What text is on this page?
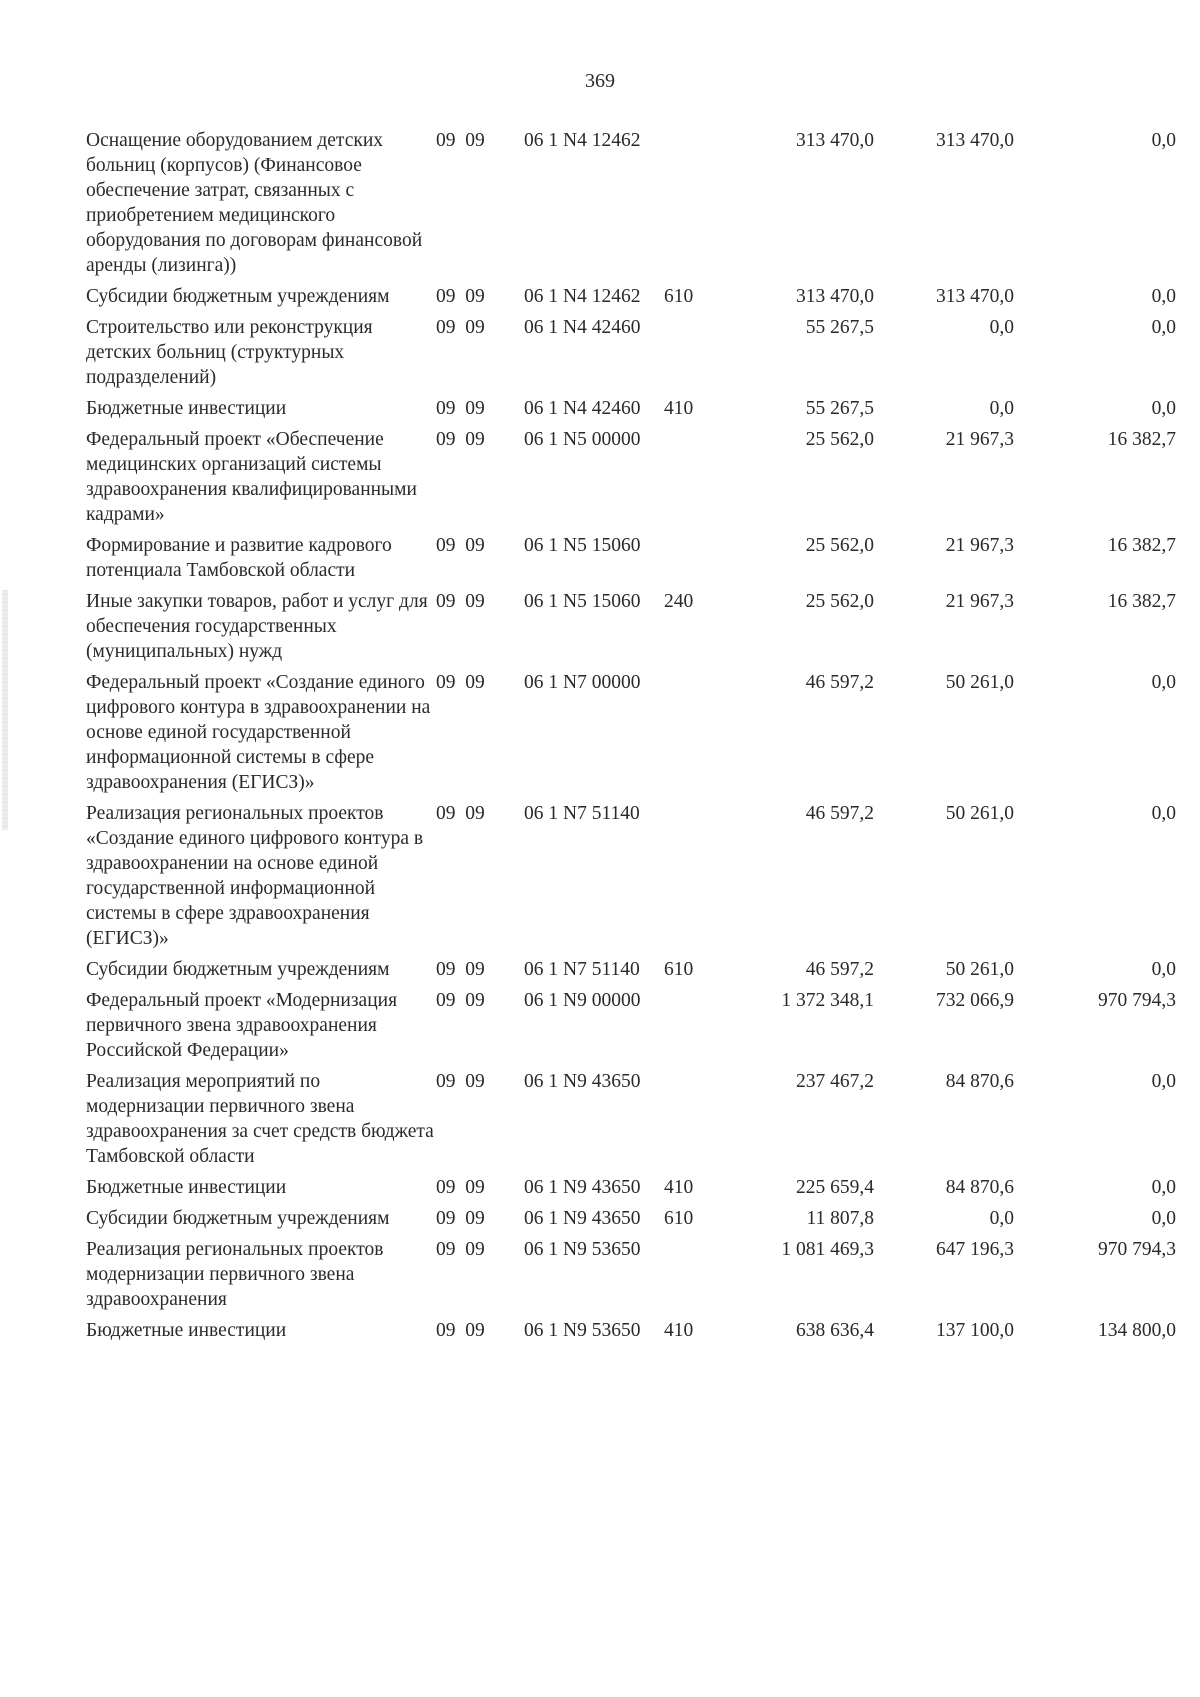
369
Оснащение оборудованием детских больниц (корпусов) (Финансовое обеспечение затрат, связанных с приобретением медицинского оборудования по договорам финансовой аренды (лизинга))	09 09	06 1 N4 12462		313 470,0	313 470,0	0,0
Субсидии бюджетным учреждениям	09 09	06 1 N4 12462	610	313 470,0	313 470,0	0,0
Строительство или реконструкция детских больниц (структурных подразделений)	09 09	06 1 N4 42460		55 267,5	0,0	0,0
Бюджетные инвестиции	09 09	06 1 N4 42460	410	55 267,5	0,0	0,0
Федеральный проект «Обеспечение медицинских организаций системы здравоохранения квалифицированными кадрами»	09 09	06 1 N5 00000		25 562,0	21 967,3	16 382,7
Формирование и развитие кадрового потенциала Тамбовской области	09 09	06 1 N5 15060		25 562,0	21 967,3	16 382,7
Иные закупки товаров, работ и услуг для обеспечения государственных (муниципальных) нужд	09 09	06 1 N5 15060	240	25 562,0	21 967,3	16 382,7
Федеральный проект «Создание единого цифрового контура в здравоохранении на основе единой государственной информационной системы в сфере здравоохранения (ЕГИСЗ)»	09 09	06 1 N7 00000		46 597,2	50 261,0	0,0
Реализация региональных проектов «Создание единого цифрового контура в здравоохранении на основе единой государственной информационной системы в сфере здравоохранения (ЕГИСЗ)»	09 09	06 1 N7 51140		46 597,2	50 261,0	0,0
Субсидии бюджетным учреждениям	09 09	06 1 N7 51140	610	46 597,2	50 261,0	0,0
Федеральный проект «Модернизация первичного звена здравоохранения Российской Федерации»	09 09	06 1 N9 00000		1 372 348,1	732 066,9	970 794,3
Реализация мероприятий по модернизации первичного звена здравоохранения за счет средств бюджета Тамбовской области	09 09	06 1 N9 43650		237 467,2	84 870,6	0,0
Бюджетные инвестиции	09 09	06 1 N9 43650	410	225 659,4	84 870,6	0,0
Субсидии бюджетным учреждениям	09 09	06 1 N9 43650	610	11 807,8	0,0	0,0
Реализация региональных проектов модернизации первичного звена здравоохранения	09 09	06 1 N9 53650		1 081 469,3	647 196,3	970 794,3
Бюджетные инвестиции	09 09	06 1 N9 53650	410	638 636,4	137 100,0	134 800,0
